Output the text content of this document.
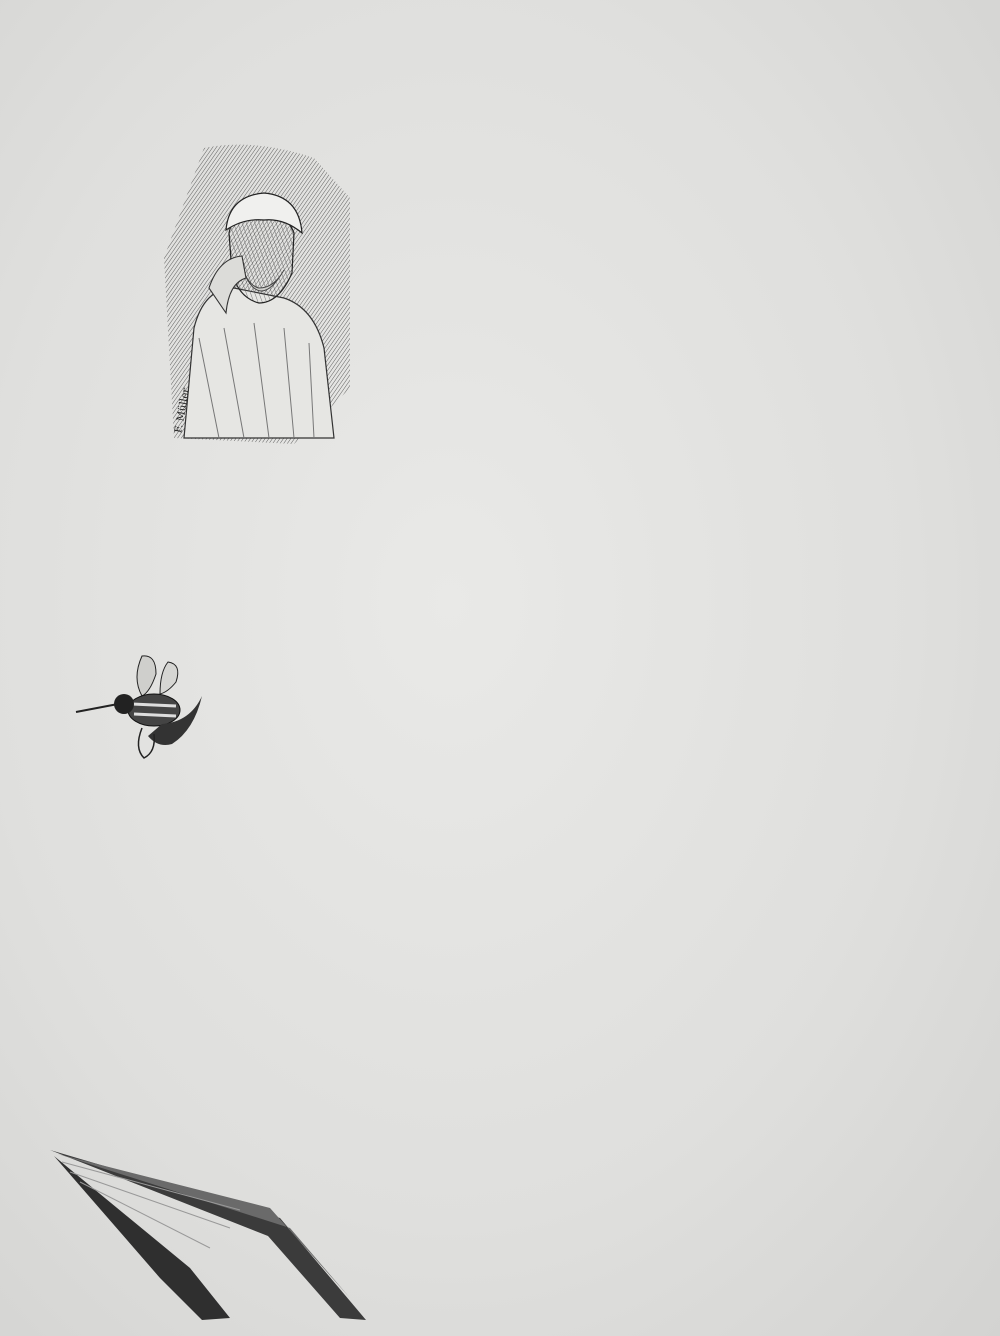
F. Müller
